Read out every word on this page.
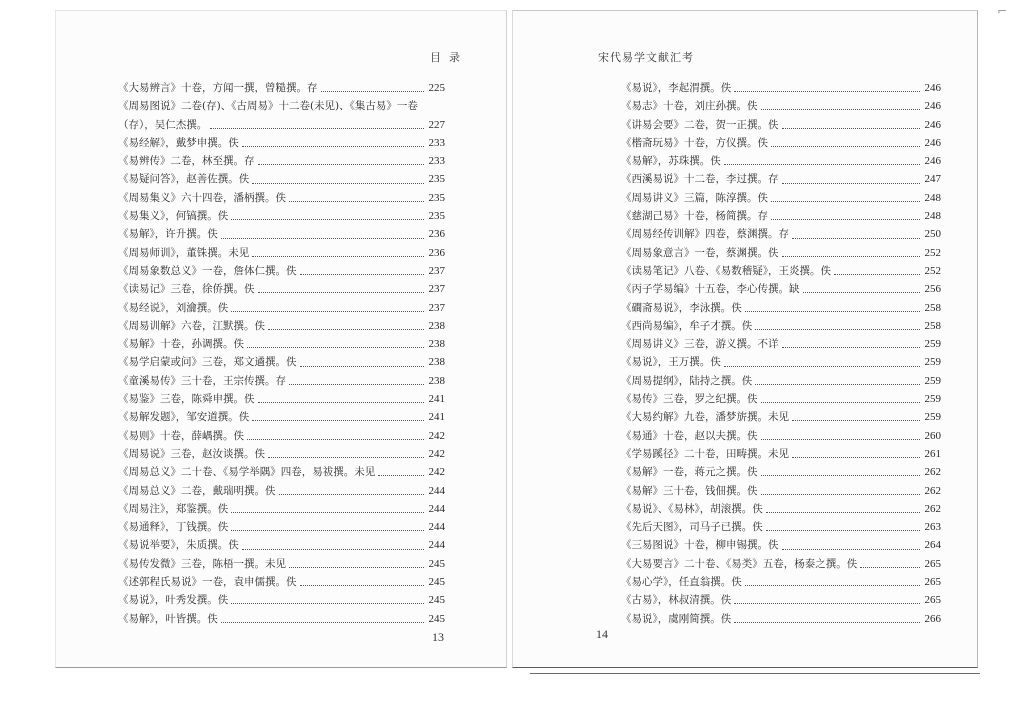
目录
《大易辨言》十卷，方闻一撰，曾糙撰。存	225
《周易图说》二卷(存)、《古周易》十二卷(未见)、《集古易》一卷
（存），吴仁杰撰。	227
《易经解》，戴梦申撰。佚	233
《易辨传》二卷，林至撰。存	233
《易疑问答》，赵善佐撰。佚	235
《周易集义》六十四卷，潘柄撰。佚	235
《易集义》，何镐撰。佚	235
《易解》，许升撰。佚	236
《周易师训》，董铢撰。未见	236
《周易象数总义》一卷，詹体仁撰。佚	237
《读易记》三卷，徐侨撰。佚	237
《易经说》，刘瀹撰。佚	237
《周易训解》六卷，江默撰。佚	238
《易解》十卷，孙调撰。佚	238
《易学启蒙或问》三卷，郑文遹撰。佚	238
《童溪易传》三十卷，王宗传撰。存	238
《易鉴》三卷，陈舜申撰。佚	241
《易解发题》，邹安道撰。佚	241
《易则》十卷，薛嵎撰。佚	242
《周易说》三卷，赵汝谈撰。佚	242
《周易总义》二十卷、《易学举隅》四卷，易祓撰。未见	242
《周易总义》二卷，戴瑞明撰。佚	244
《周易注》，郑鉴撰。佚	244
《易通释》，丁钱撰。佚	244
《易说举要》，朱质撰。佚	244
《易传发微》三卷，陈梧一撰。未见	245
《述郭程氏易说》一卷，袁申儒撰。佚	245
《易说》，叶秀发撰。佚	245
《易解》，叶皆撰。佚	245
13
宋代易学文献汇考
《易说》，李起渭撰。佚	246
《易志》十卷，刘庄孙撰。佚	246
《讲易会要》二卷，贺一正撰。佚	246
《楷斋玩易》十卷，方仪撰。佚	246
《易解》，苏珠撰。佚	246
《西溪易说》十二卷，李过撰。存	247
《周易讲义》三篇，陈淳撰。佚	248
《慈湖己易》十卷，杨简撰。存	248
《周易经传训解》四卷，蔡渊撰。存	250
《周易象意言》一卷，蔡渊撰。佚	252
《读易笔记》八卷、《易数稽疑》，王炎撰。佚	252
《丙子学易编》十五卷，李心传撰。缺	256
《磵斋易说》，李泳撰。佚	258
《西尚易编》，牟子才撰。佚	258
《周易讲义》三卷，游义撰。不详	259
《易说》，王万撰。佚	259
《周易提纲》，陆持之撰。佚	259
《易传》三卷，罗之纪撰。佚	259
《大易约解》九卷，潘梦旂撰。未见	259
《易通》十卷，赵以夫撰。佚	260
《学易蹊径》二十卷，田畴撰。未见	261
《易解》一卷，蒋元之撰。佚	262
《易解》三十卷，钱佃撰。佚	262
《易说》、《易林》，胡滚撰。佚	262
《先后天图》，司马子已撰。佚	263
《三易图说》十卷，柳申锡撰。佚	264
《大易要言》二十卷、《易类》五卷，杨泰之撰。佚	265
《易心学》，任直翁撰。佚	265
《古易》，林叔清撰。佚	265
《易说》，虞刚简撰。佚	266
14
⌐
